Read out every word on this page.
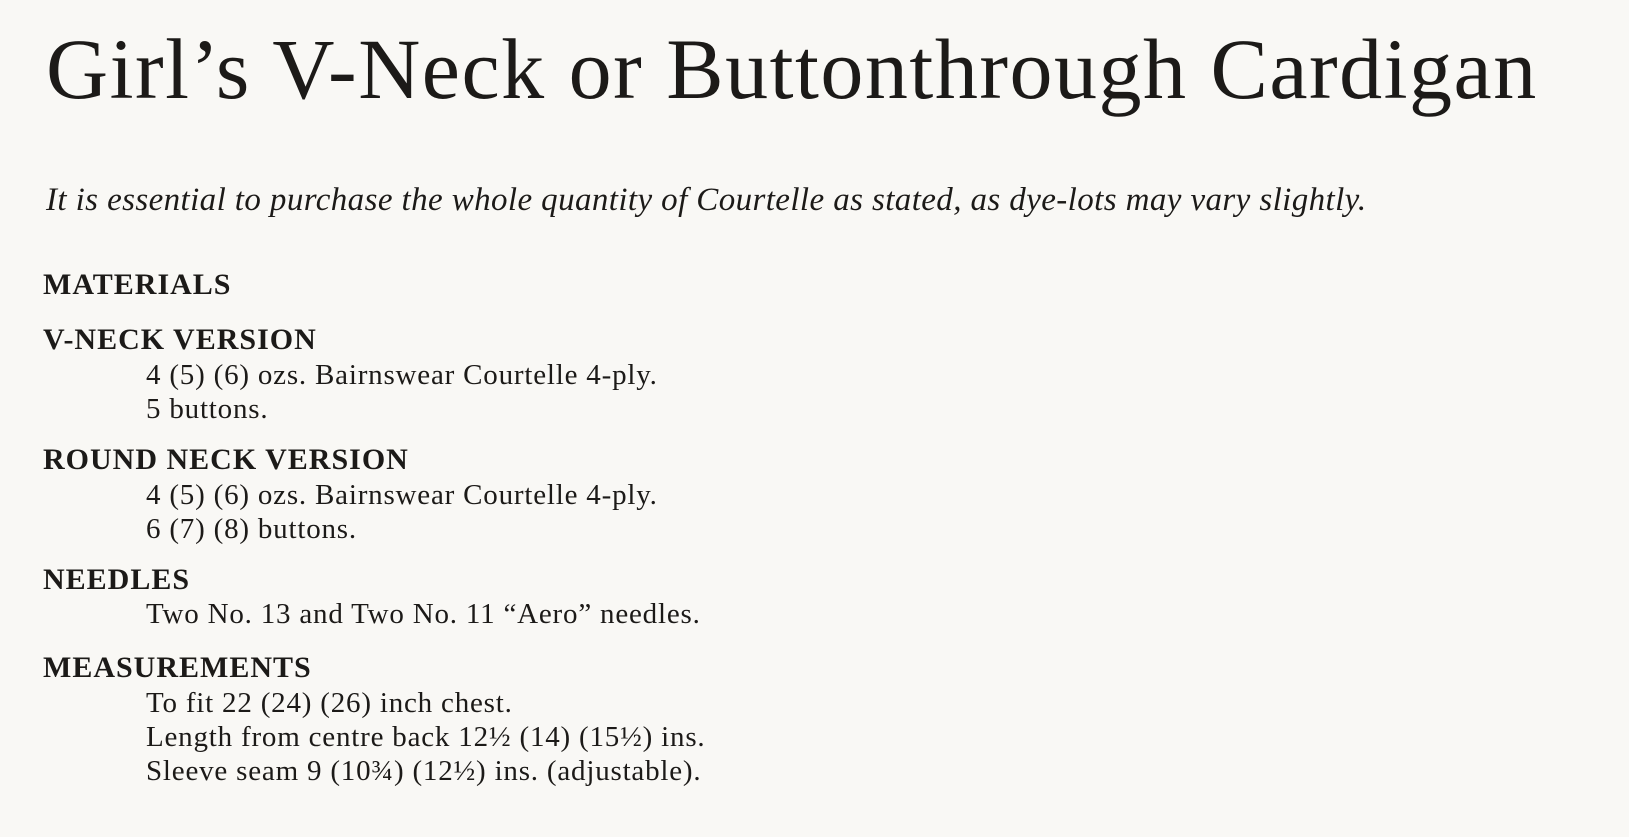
Girl’s V-Neck or Buttonthrough Cardigan

It is essential to purchase the whole quantity of Courtelle as stated, as dye-lots may vary slightly.

MATERIALS
V-NECK VERSION
4 (5) (6) ozs. Bairnswear Courtelle 4-ply.
5 buttons.
ROUND NECK VERSION
4 (5) (6) ozs. Bairnswear Courtelle 4-ply.
6 (7) (8) buttons.
NEEDLES
Two No. 13 and Two No. 11 “Aero” needles.
MEASUREMENTS
To fit 22 (24) (26) inch chest.
Length from centre back 12½ (14) (15½) ins.
Sleeve seam 9 (10¾) (12½) ins. (adjustable).
